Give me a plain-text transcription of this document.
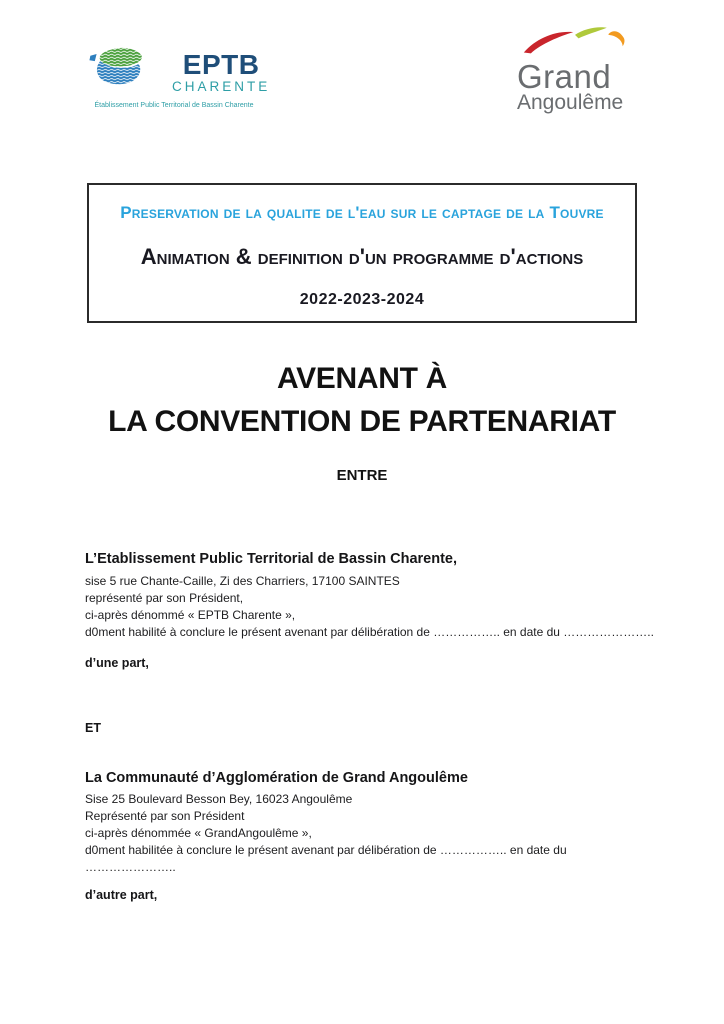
EPTB
CHARENTE
Établissement Public Territorial de Bassin Charente
Grand
Angoulême
Preservation de la qualite de l'eau sur le captage de la Touvre
Animation & definition d'un programme d'actions
2022-2023-2024
AVENANT À
LA CONVENTION DE PARTENARIAT
ENTRE
L’Etablissement Public Territorial de Bassin Charente,
sise 5 rue Chante-Caille, Zi des Charriers, 17100 SAINTES
représenté par son Président,
ci-après dénommé « EPTB Charente »,
d0ment habilité à conclure le présent avenant par délibération de …………….. en date du …………………..
d’une part,
ET
La Communauté d’Agglomération de Grand Angoulême
Sise 25 Boulevard Besson Bey, 16023 Angoulême
Représenté par son Président
ci-après dénommée « GrandAngoulême »,
d0ment habilitée à conclure le présent avenant par délibération de …………….. en date du
…………………..
d’autre part,
